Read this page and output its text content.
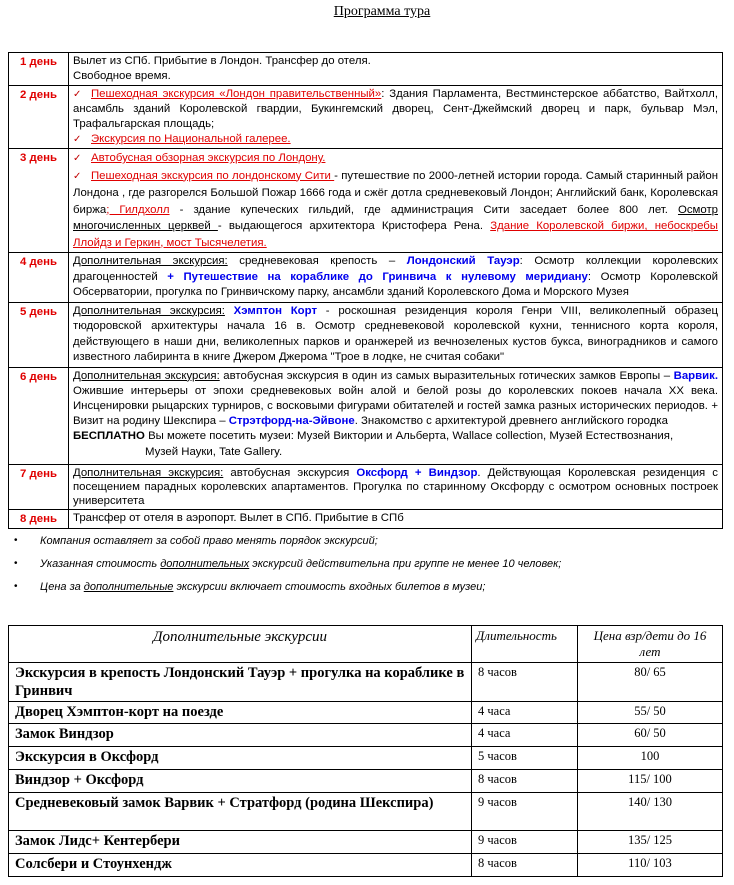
Программа тура
1 день	Вылет из СПб. Прибытие в Лондон. Трансфер до отеля.
Свободное время.

2 день	✓ Пешеходная экскурсия «Лондон правительственный»: Здания Парламента, Вестминстерское аббатство, Вайтхолл, ансамбль зданий Королевской гвардии, Букингемский дворец, Сент-Джеймский дворец и парк, бульвар Мэл, Трафальгарская площадь;
✓ Экскурсия по Национальной галерее.
3 день	✓ Автобусная обзорная экскурсия по Лондону.
✓ Пешеходная экскурсия по лондонскому Сити - путешествие по 2000-летней истории города. Самый старинный район Лондона , где разгорелся Большой Пожар 1666 года и сжёг дотла средневековый Лондон; Английский банк, Королевская биржа; Гилдхолл - здание купеческих гильдий, где администрация Сити заседает более 800 лет. Осмотр многочисленных церквей - выдающегося архитектора Кристофера Рена. Здание Королевской биржи, небоскребы Ллойдз и Геркин, мост Тысячелетия.
4 день	Дополнительная экскурсия: средневековая крепость – Лондонский Тауэр: Осмотр коллекции королевских драгоценностей + Путешествие на кораблике до Гринвича к нулевому меридиану: Осмотр Королевской Обсерватории, прогулка по Гринвичскому парку, ансамбли зданий Королевского Дома и Морского Музея
5 день	Дополнительная экскурсия: Хэмптон Корт - роскошная резиденция короля Генри VIII, великолепный образец тюдоровской архитектуры начала 16 в. Осмотр средневековой королевской кухни, теннисного корта короля, действующего в наши дни, великолепных парков и оранжерей из вечнозеленых кустов букса, виноградников и самого известного лабиринта в книге Джером Джерома "Трое в лодке, не считая собаки"
6 день	Дополнительная экскурсия: автобусная экскурсия в один из самых выразительных готических замков Европы – Варвик. Ожившие интерьеры от эпохи средневековых войн алой и белой розы до королевских покоев начала XX века. Инсценировки рыцарских турниров, с восковыми фигурами обитателей и гостей замка разных исторических периодов. + Визит на родину Шекспира – Стрэтфорд-на-Эйвоне. Знакомство с архитектурой древнего английского городка
БЕСПЛАТНО Вы можете посетить музеи: Музей Виктории и Альберта, Wallace collection, Музей Естествознания,
Музей Науки, Tate Gallery.

7 день	Дополнительная экскурсия: автобусная экскурсия Оксфорд + Виндзор. Действующая Королевская резиденция с посещением парадных королевских апартаментов. Прогулка по старинному Оксфорду с осмотром основных построек университета
8 день	Трансфер от отеля в аэропорт. Вылет в СПб. Прибытие в СПб
• Компания оставляет за собой право менять порядок экскурсий;
• Указанная стоимость дополнительных экскурсий действительна при группе не менее 10 человек;
• Цена за дополнительные экскурсии включает стоимость входных билетов в музеи;
Дополнительные экскурсии	Длительность	Цена взр/дети до 16 лет
Экскурсия в крепость Лондонский Тауэр + прогулка на кораблике в Гринвич	8 часов	80/ 65
Дворец Хэмптон-корт на поезде	4 часа	55/ 50
Замок Виндзор	4 часа	60/ 50
Экскурсия в Оксфорд	5 часов	100
Виндзор + Оксфорд	8 часов	115/ 100
Средневековый замок Варвик + Стратфорд (родина Шекспира)	9 часов	140/ 130
Замок Лидс+ Кентербери	9 часов	135/ 125
Солсбери и Стоунхендж	8 часов	110/ 103
